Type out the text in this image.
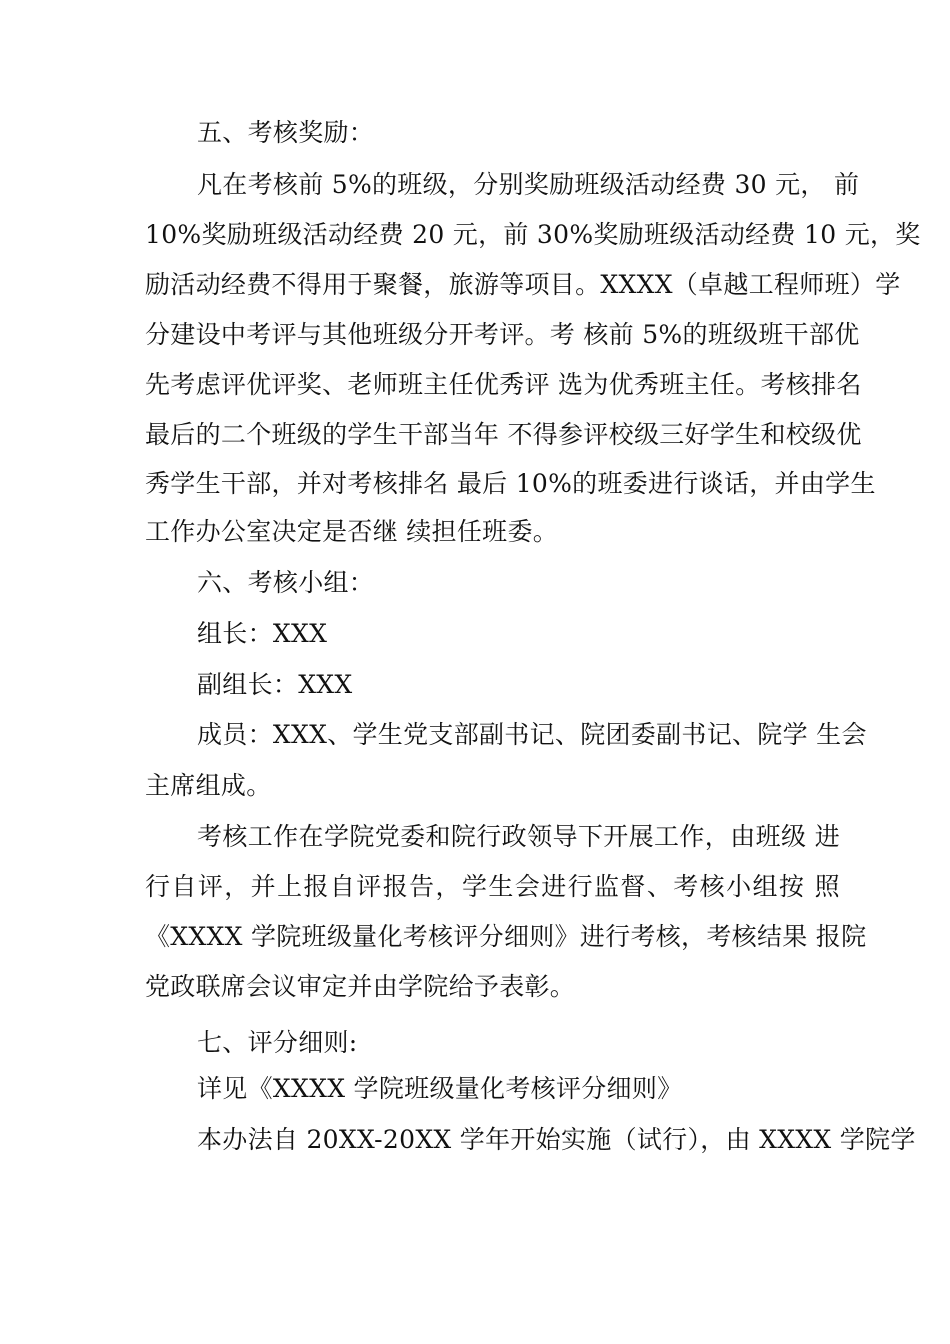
五、考核奖励：
凡在考核前 5%的班级，分别奖励班级活动经费 30 元， 前
10%奖励班级活动经费 20 元，前 30%奖励班级活动经费 10 元，奖
励活动经费不得用于聚餐，旅游等项目。XXXX（卓越工程师班）学
分建设中考评与其他班级分开考评。考 核前 5%的班级班干部优
先考虑评优评奖、老师班主任优秀评 选为优秀班主任。考核排名
最后的二个班级的学生干部当年 不得参评校级三好学生和校级优
秀学生干部，并对考核排名 最后 10%的班委进行谈话，并由学生
工作办公室决定是否继 续担任班委。
六、考核小组：
组长：XXX
副组长：XXX
成员：XXX、学生党支部副书记、院团委副书记、院学 生会
主席组成。
考核工作在学院党委和院行政领导下开展工作，由班级 进
行自评，并上报自评报告，学生会进行监督、考核小组按 照
《XXXX 学院班级量化考核评分细则》进行考核，考核结果 报院
党政联席会议审定并由学院给予表彰。
七、评分细则:
详见《XXXX 学院班级量化考核评分细则》
本办法自 20XX-20XX 学年开始实施（试行），由 XXXX 学院学
